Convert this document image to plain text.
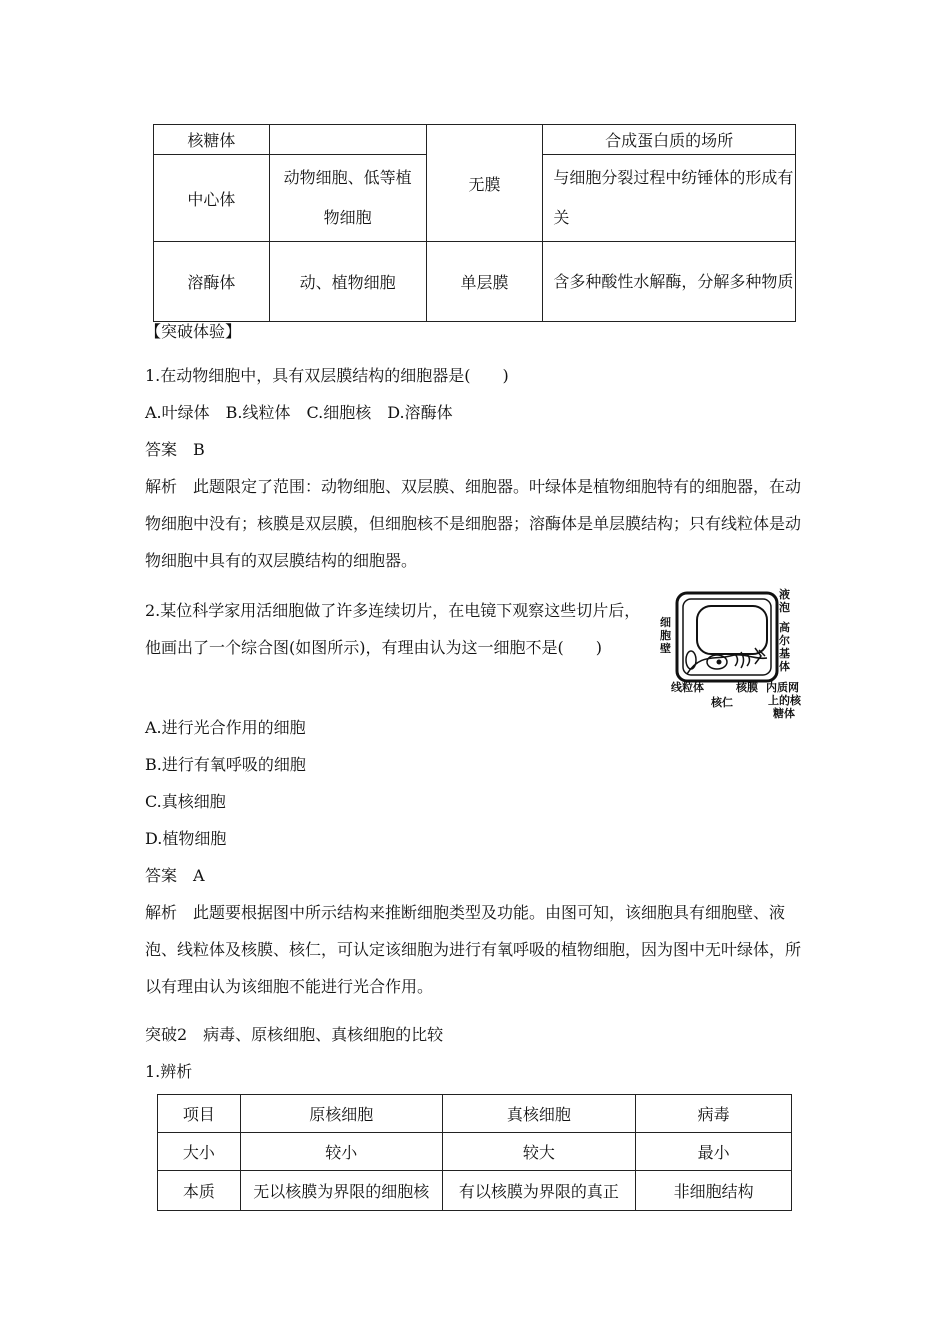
核糖体		无膜	合成蛋白质的场所
中心体	动物细胞、低等植物细胞		与细胞分裂过程中纺锤体的形成有关
溶酶体	动、植物细胞	单层膜	含多种酸性水解酶，分解多种物质
【突破体验】
1.在动物细胞中，具有双层膜结构的细胞器是(　　)
A.叶绿体　B.线粒体　C.细胞核　D.溶酶体
答案　B
解析　此题限定了范围：动物细胞、双层膜、细胞器。叶绿体是植物细胞特有的细胞器，在动物细胞中没有；核膜是双层膜，但细胞核不是细胞器；溶酶体是单层膜结构；只有线粒体是动物细胞中具有的双层膜结构的细胞器。
2.某位科学家用活细胞做了许多连续切片，在电镜下观察这些切片后，他画出了一个综合图(如图所示)，有理由认为这一细胞不是(　　)
细
胞
壁
液
泡
高
尔
基
体
线粒体
核仁
核膜 内质网
上的核
糖体
A.进行光合作用的细胞
B.进行有氧呼吸的细胞
C.真核细胞
D.植物细胞
答案　A
解析　此题要根据图中所示结构来推断细胞类型及功能。由图可知，该细胞具有细胞壁、液泡、线粒体及核膜、核仁，可认定该细胞为进行有氧呼吸的植物细胞，因为图中无叶绿体，所以有理由认为该细胞不能进行光合作用。
突破2　病毒、原核细胞、真核细胞的比较
1.辨析
项目	原核细胞	真核细胞	病毒
大小	较小	较大	最小
本质	无以核膜为界限的细胞核	有以核膜为界限的真正	非细胞结构
